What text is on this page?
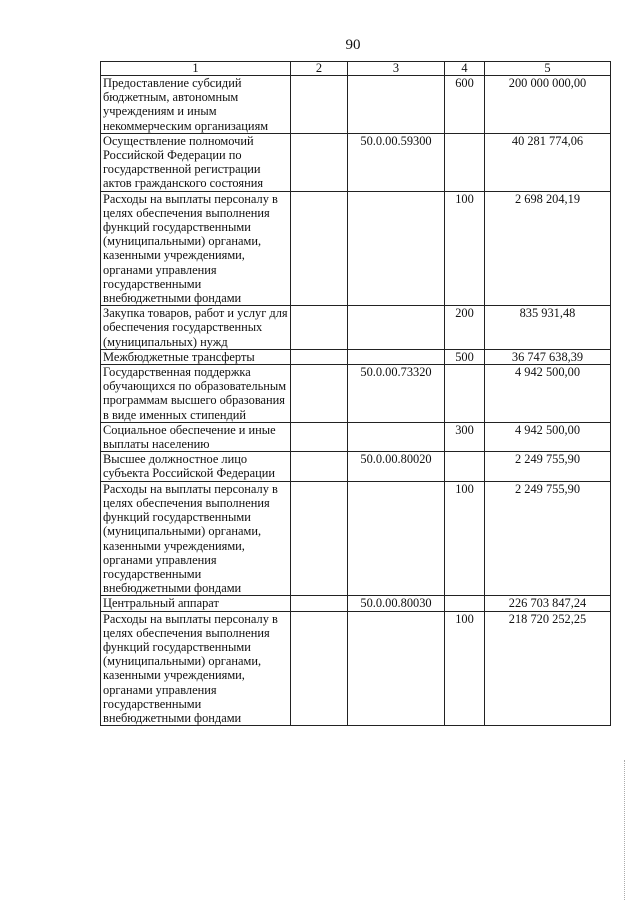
90
1	2	3	4	5
Предоставление субсидий бюджетным, автономным учреждениям и иным некоммерческим организациям			600	200 000 000,00
Осуществление полномочий Российской Федерации по государственной регистрации актов гражданского состояния		50.0.00.59300		40 281 774,06
Расходы на выплаты персоналу в целях обеспечения выполнения функций государственными (муниципальными) органами, казенными учреждениями, органами управления государственными внебюджетными фондами			100	2 698 204,19
Закупка товаров, работ и услуг для обеспечения государственных (муниципальных) нужд			200	835 931,48
Межбюджетные трансферты			500	36 747 638,39
Государственная поддержка обучающихся по образовательным программам высшего образования в виде именных стипендий		50.0.00.73320		4 942 500,00
Социальное обеспечение и иные выплаты населению			300	4 942 500,00
Высшее должностное лицо субъекта Российской Федерации		50.0.00.80020		2 249 755,90
Расходы на выплаты персоналу в целях обеспечения выполнения функций государственными (муниципальными) органами, казенными учреждениями, органами управления государственными внебюджетными фондами			100	2 249 755,90
Центральный аппарат		50.0.00.80030		226 703 847,24
Расходы на выплаты персоналу в целях обеспечения выполнения функций государственными (муниципальными) органами, казенными учреждениями, органами управления государственными внебюджетными фондами			100	218 720 252,25
